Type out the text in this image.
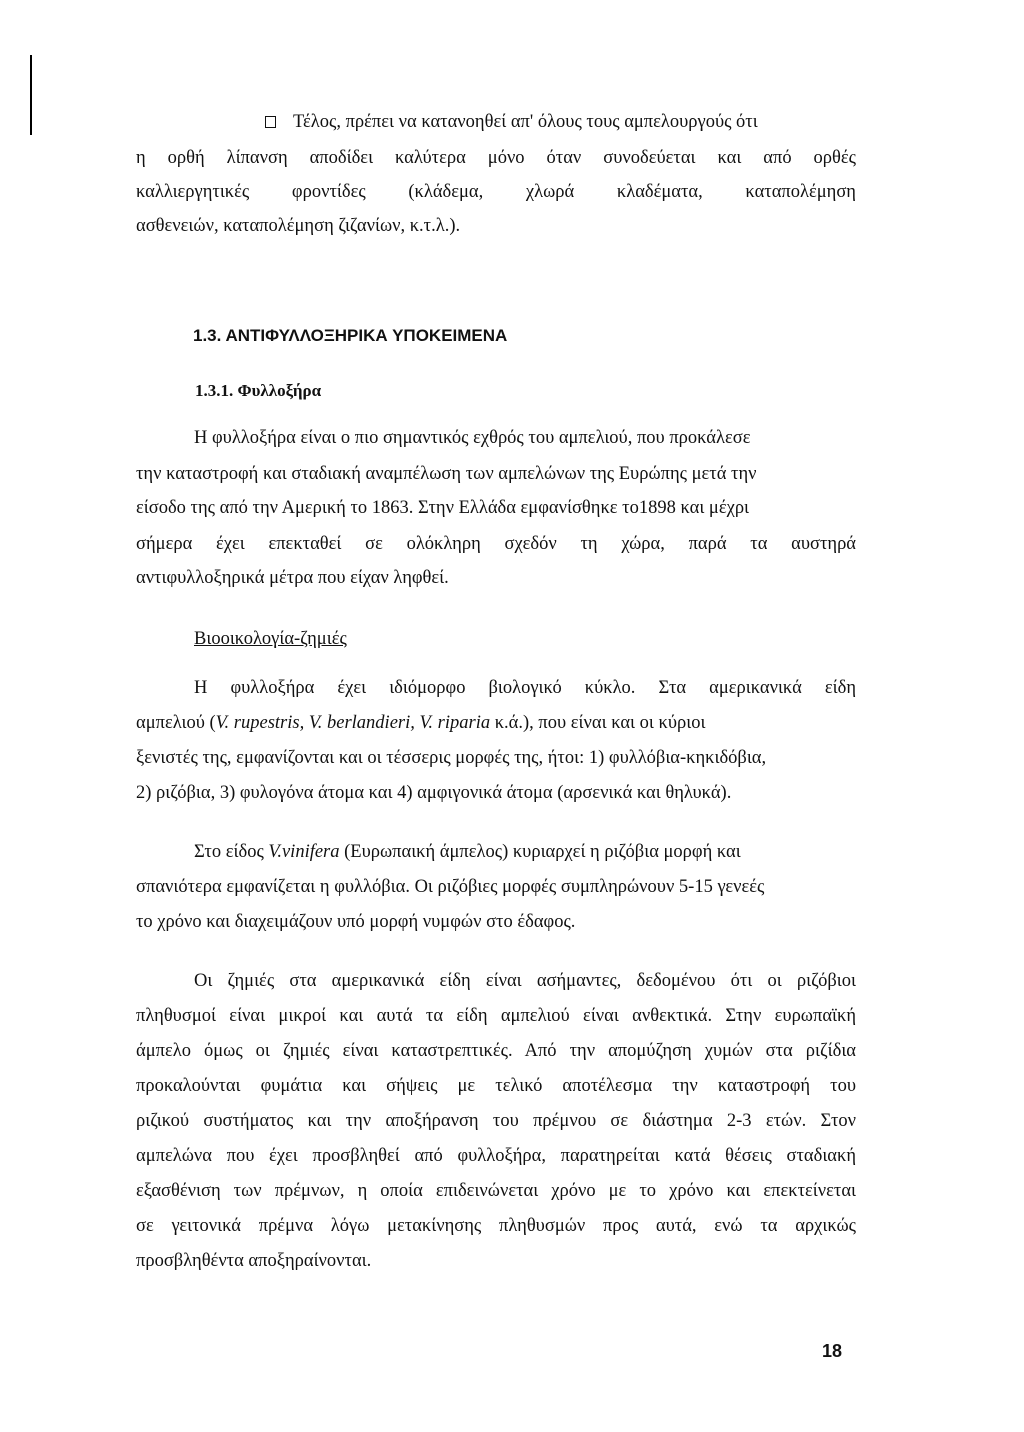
Τέλος, πρέπει να κατανοηθεί απ' όλους τους αμπελουργούς ότι
η ορθή λίπανση αποδίδει καλύτερα μόνο όταν συνοδεύεται και από ορθές
καλλιεργητικές φροντίδες (κλάδεμα, χλωρά κλαδέματα, καταπολέμηση
ασθενειών, καταπολέμηση ζιζανίων, κ.τ.λ.).
1.3. ΑΝΤΙΦΥΛΛΟΞΗΡΙΚΑ ΥΠΟΚΕΙΜΕΝΑ
1.3.1. Φυλλοξήρα
Η φυλλοξήρα είναι ο πιο σημαντικός εχθρός του αμπελιού, που προκάλεσε
την καταστροφή και σταδιακή αναμπέλωση των αμπελώνων της Ευρώπης μετά την
είσοδο της από την Αμερική το 1863. Στην Ελλάδα εμφανίσθηκε το1898 και μέχρι
σήμερα έχει επεκταθεί σε ολόκληρη σχεδόν τη χώρα, παρά τα αυστηρά
αντιφυλλοξηρικά μέτρα που είχαν ληφθεί.
Βιοοικολογία-ζημιές
Η φυλλοξήρα έχει ιδιόμορφο βιολογικό κύκλο. Στα αμερικανικά είδη
αμπελιού (V. rupestris, V. berlandieri, V. riparia κ.ά.), που είναι και οι κύριοι
ξενιστές της, εμφανίζονται και οι τέσσερις μορφές της, ήτοι: 1) φυλλόβια-κηκιδόβια,
2) ριζόβια, 3) φυλογόνα άτομα και 4) αμφιγονικά άτομα (αρσενικά και θηλυκά).
Στο είδος V.vinifera (Ευρωπαική άμπελος) κυριαρχεί η ριζόβια μορφή και
σπανιότερα εμφανίζεται η φυλλόβια. Οι ριζόβιες μορφές συμπληρώνουν 5-15 γενεές
το χρόνο και διαχειμάζουν υπό μορφή νυμφών στο έδαφος.
Οι ζημιές στα αμερικανικά είδη είναι ασήμαντες, δεδομένου ότι οι ριζόβιοι
πληθυσμοί είναι μικροί και αυτά τα είδη αμπελιού είναι ανθεκτικά. Στην ευρωπαϊκή
άμπελο όμως οι ζημιές είναι καταστρεπτικές. Από την απομύζηση χυμών στα ριζίδια
προκαλούνται φυμάτια και σήψεις με τελικό αποτέλεσμα την καταστροφή του
ριζικού συστήματος και την αποξήρανση του πρέμνου σε διάστημα 2-3 ετών. Στον
αμπελώνα που έχει προσβληθεί από φυλλοξήρα, παρατηρείται κατά θέσεις σταδιακή
εξασθένιση των πρέμνων, η οποία επιδεινώνεται χρόνο με το χρόνο και επεκτείνεται
σε γειτονικά πρέμνα λόγω μετακίνησης πληθυσμών προς αυτά, ενώ τα αρχικώς
προσβληθέντα αποξηραίνονται.
18
